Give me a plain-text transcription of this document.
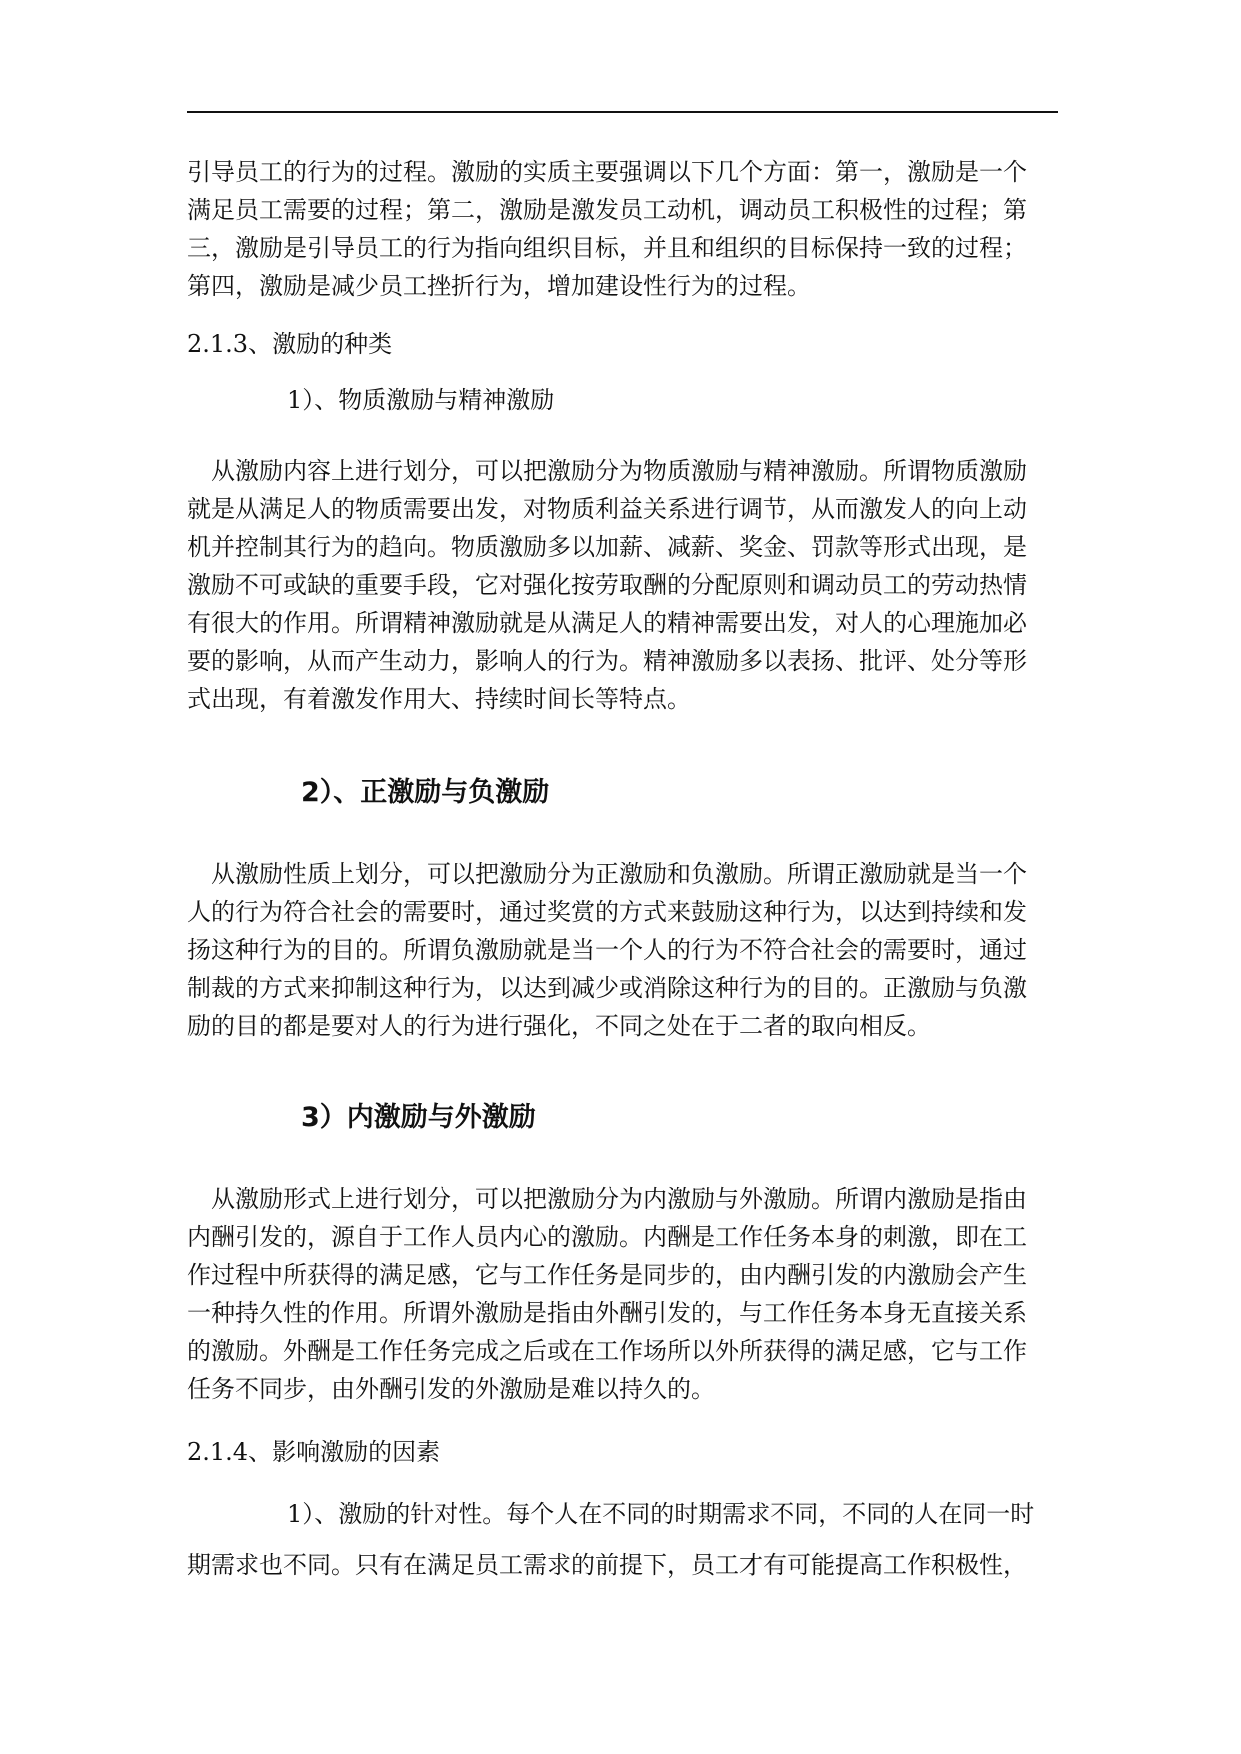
引导员工的行为的过程。激励的实质主要强调以下几个方面：第一，激励是一个
满足员工需要的过程；第二，激励是激发员工动机，调动员工积极性的过程；第
三，激励是引导员工的行为指向组织目标，并且和组织的目标保持一致的过程；
第四，激励是减少员工挫折行为，增加建设性行为的过程。
2.1.3、激励的种类
1）、物质激励与精神激励
从激励内容上进行划分，可以把激励分为物质激励与精神激励。所谓物质激励
就是从满足人的物质需要出发，对物质利益关系进行调节，从而激发人的向上动
机并控制其行为的趋向。物质激励多以加薪、减薪、奖金、罚款等形式出现，是
激励不可或缺的重要手段，它对强化按劳取酬的分配原则和调动员工的劳动热情
有很大的作用。所谓精神激励就是从满足人的精神需要出发，对人的心理施加必
要的影响，从而产生动力，影响人的行为。精神激励多以表扬、批评、处分等形
式出现，有着激发作用大、持续时间长等特点。
2）、正激励与负激励
从激励性质上划分，可以把激励分为正激励和负激励。所谓正激励就是当一个
人的行为符合社会的需要时，通过奖赏的方式来鼓励这种行为，以达到持续和发
扬这种行为的目的。所谓负激励就是当一个人的行为不符合社会的需要时，通过
制裁的方式来抑制这种行为，以达到减少或消除这种行为的目的。正激励与负激
励的目的都是要对人的行为进行强化，不同之处在于二者的取向相反。
3）内激励与外激励
从激励形式上进行划分，可以把激励分为内激励与外激励。所谓内激励是指由
内酬引发的，源自于工作人员内心的激励。内酬是工作任务本身的刺激，即在工
作过程中所获得的满足感，它与工作任务是同步的，由内酬引发的内激励会产生
一种持久性的作用。所谓外激励是指由外酬引发的，与工作任务本身无直接关系
的激励。外酬是工作任务完成之后或在工作场所以外所获得的满足感，它与工作
任务不同步，由外酬引发的外激励是难以持久的。
2.1.4、影响激励的因素
1）、激励的针对性。每个人在不同的时期需求不同，不同的人在同一时
期需求也不同。只有在满足员工需求的前提下，员工才有可能提高工作积极性，
